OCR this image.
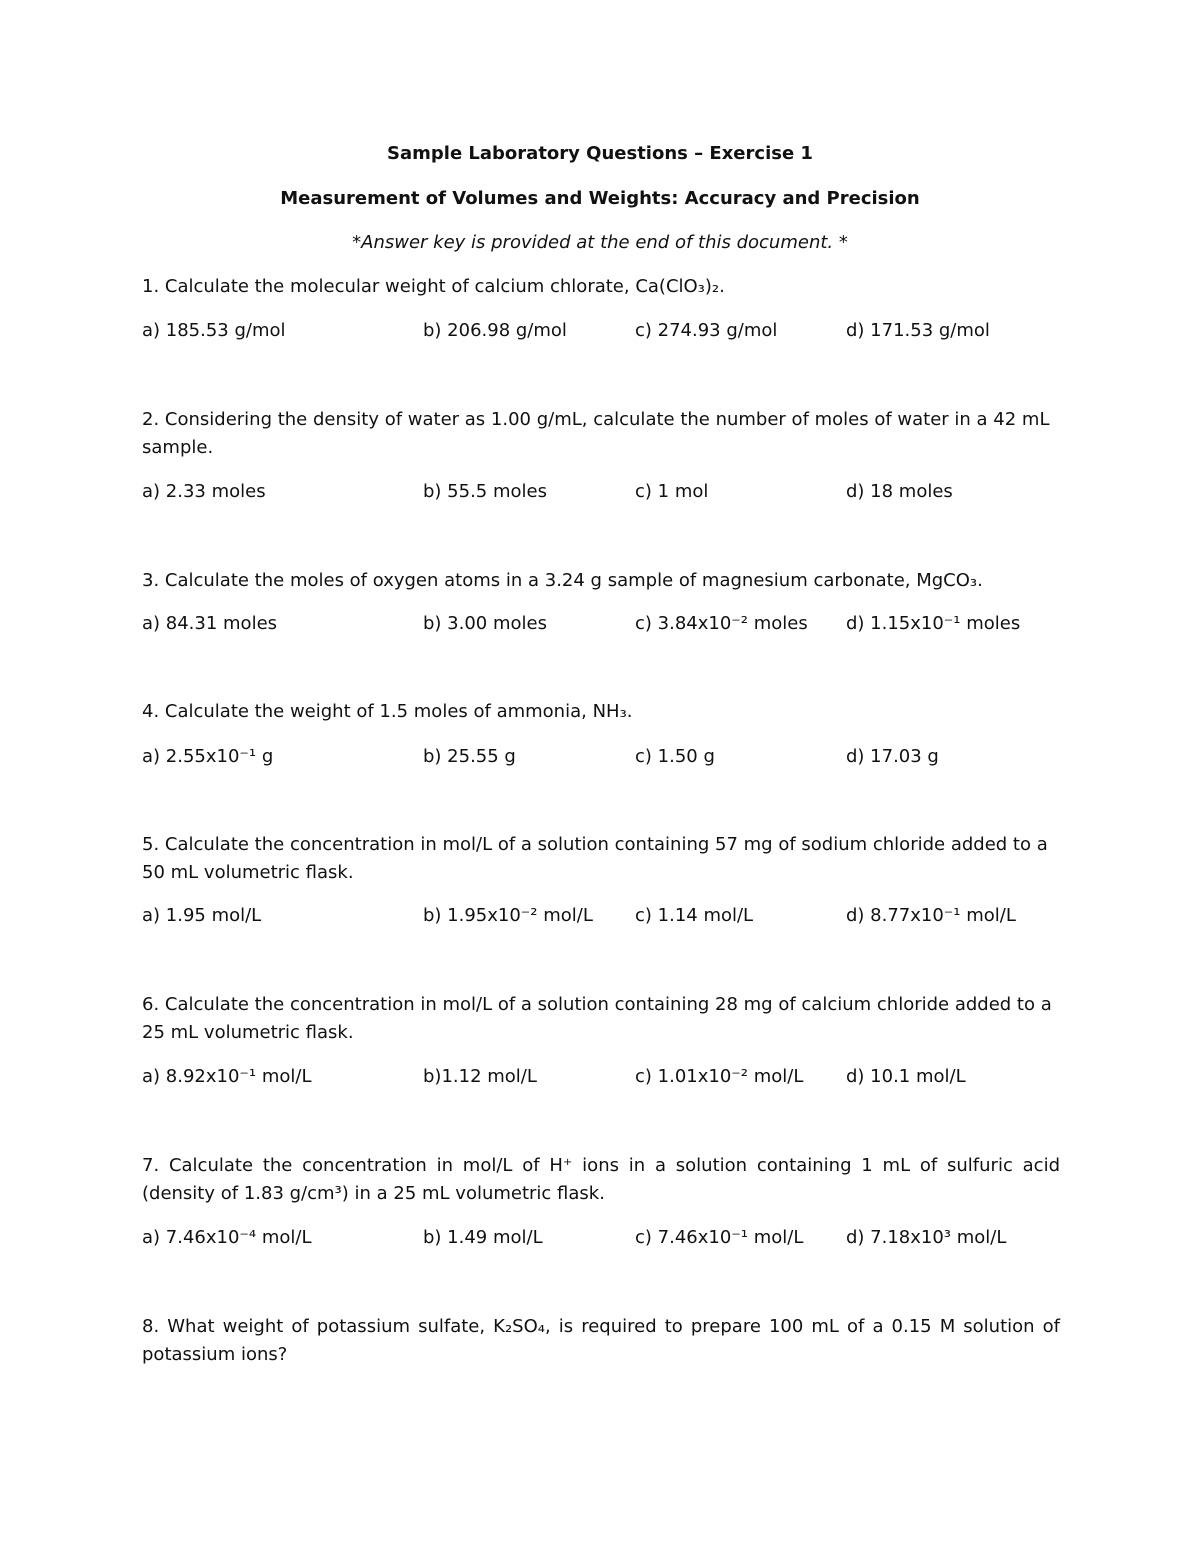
Sample Laboratory Questions – Exercise 1
Measurement of Volumes and Weights: Accuracy and Precision
*Answer key is provided at the end of this document. *
1. Calculate the molecular weight of calcium chlorate, Ca(ClO₃)₂.
a) 185.53 g/mol	b) 206.98 g/mol	c) 274.93 g/mol	d) 171.53 g/mol
2. Considering the density of water as 1.00 g/mL, calculate the number of moles of water in a 42 mL sample.
a) 2.33 moles	b) 55.5 moles	c) 1 mol	d) 18 moles
3. Calculate the moles of oxygen atoms in a 3.24 g sample of magnesium carbonate, MgCO₃.
a) 84.31 moles	b) 3.00 moles	c) 3.84x10⁻² moles d) 1.15x10⁻¹ moles
4. Calculate the weight of 1.5 moles of ammonia, NH₃.
a) 2.55x10⁻¹ g	b) 25.55 g	c) 1.50 g	d) 17.03 g
5. Calculate the concentration in mol/L of a solution containing 57 mg of sodium chloride added to a 50 mL volumetric flask.
a) 1.95 mol/L	b) 1.95x10⁻² mol/L c) 1.14 mol/L	d) 8.77x10⁻¹ mol/L
6. Calculate the concentration in mol/L of a solution containing 28 mg of calcium chloride added to a 25 mL volumetric flask.
a) 8.92x10⁻¹ mol/L	b)1.12 mol/L	c) 1.01x10⁻² mol/L d) 10.1 mol/L
7. Calculate the concentration in mol/L of H⁺ ions in a solution containing 1 mL of sulfuric acid (density of 1.83 g/cm³) in a 25 mL volumetric flask.
a) 7.46x10⁻⁴ mol/L	b) 1.49 mol/L	c) 7.46x10⁻¹ mol/L d) 7.18x10³ mol/L
8. What weight of potassium sulfate, K₂SO₄, is required to prepare 100 mL of a 0.15 M solution of potassium ions?
